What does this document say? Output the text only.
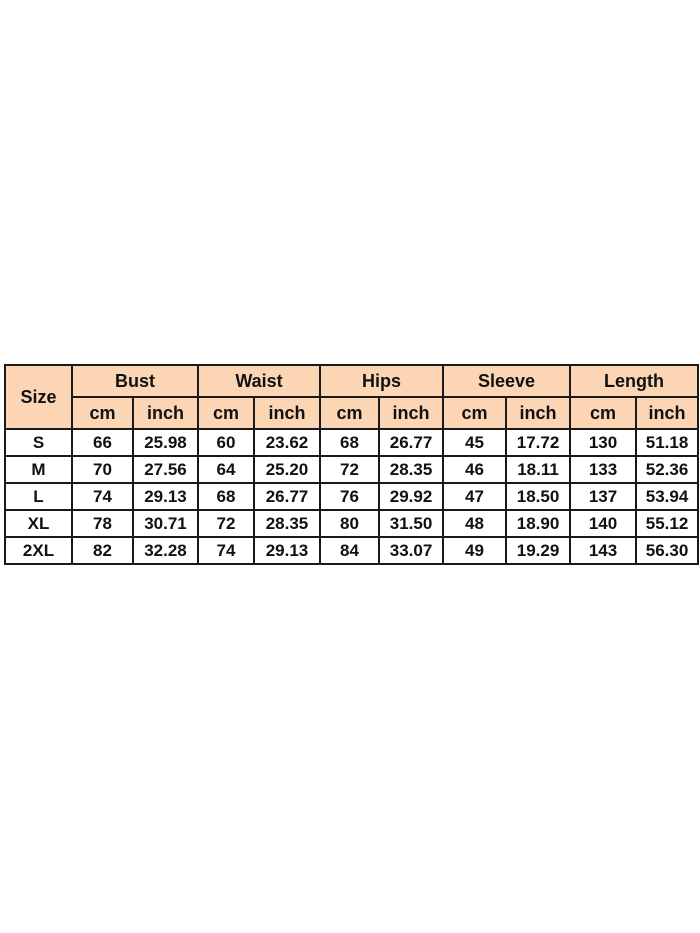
Size	Bust		Waist		Hips		Sleeve		Length	
	cm	inch	cm	inch	cm	inch	cm	inch	cm	inch
S	66	25.98	60	23.62	68	26.77	45	17.72	130	51.18
M	70	27.56	64	25.20	72	28.35	46	18.11	133	52.36
L	74	29.13	68	26.77	76	29.92	47	18.50	137	53.94
XL	78	30.71	72	28.35	80	31.50	48	18.90	140	55.12
2XL	82	32.28	74	29.13	84	33.07	49	19.29	143	56.30
